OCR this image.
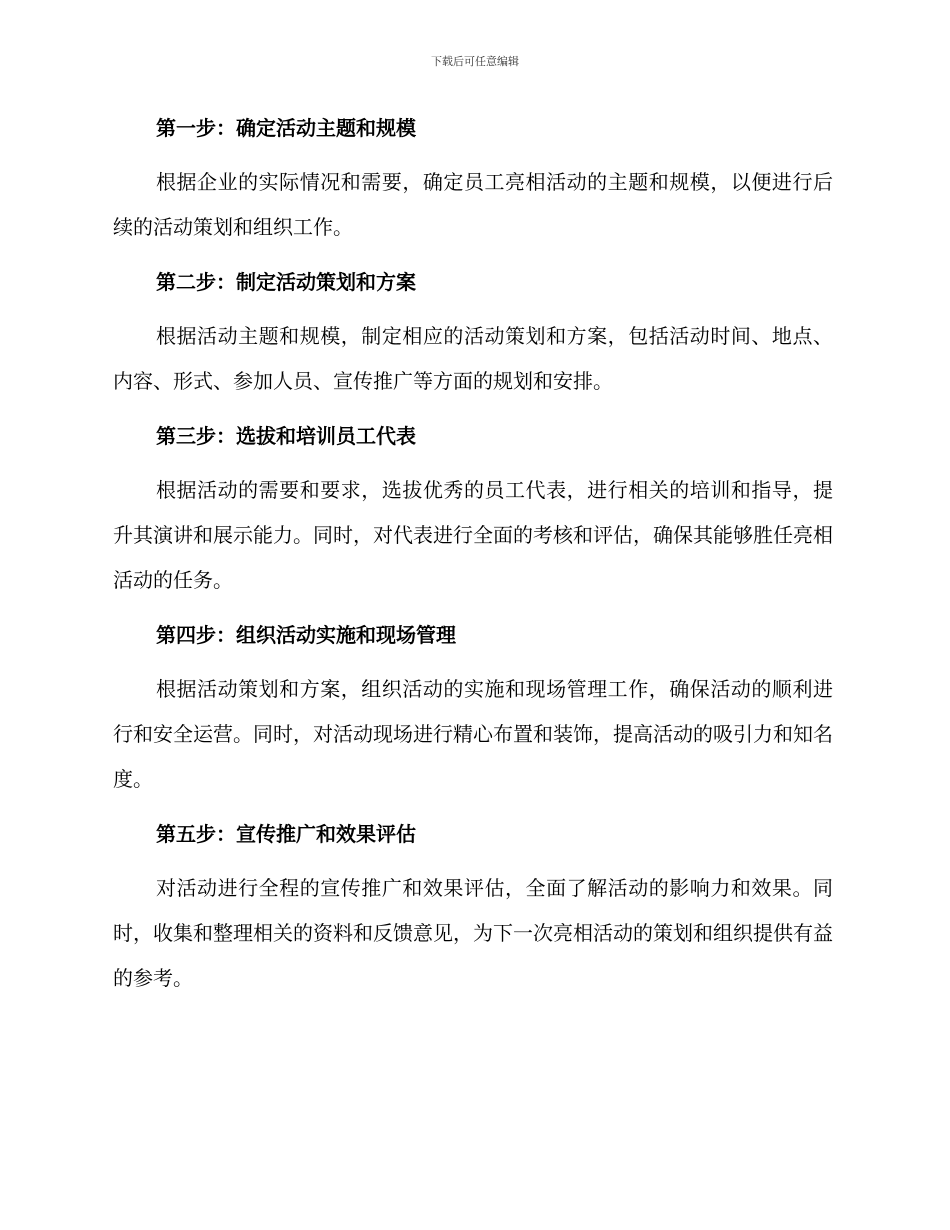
下载后可任意编辑
第一步：确定活动主题和规模

根据企业的实际情况和需要，确定员工亮相活动的主题和规模，以便进行后续的活动策划和组织工作。

第二步：制定活动策划和方案

根据活动主题和规模，制定相应的活动策划和方案，包括活动时间、地点、内容、形式、参加人员、宣传推广等方面的规划和安排。

第三步：选拔和培训员工代表

根据活动的需要和要求，选拔优秀的员工代表，进行相关的培训和指导，提升其演讲和展示能力。同时，对代表进行全面的考核和评估，确保其能够胜任亮相活动的任务。

第四步：组织活动实施和现场管理

根据活动策划和方案，组织活动的实施和现场管理工作，确保活动的顺利进行和安全运营。同时，对活动现场进行精心布置和装饰，提高活动的吸引力和知名度。

第五步：宣传推广和效果评估

对活动进行全程的宣传推广和效果评估，全面了解活动的影响力和效果。同时，收集和整理相关的资料和反馈意见，为下一次亮相活动的策划和组织提供有益的参考。
